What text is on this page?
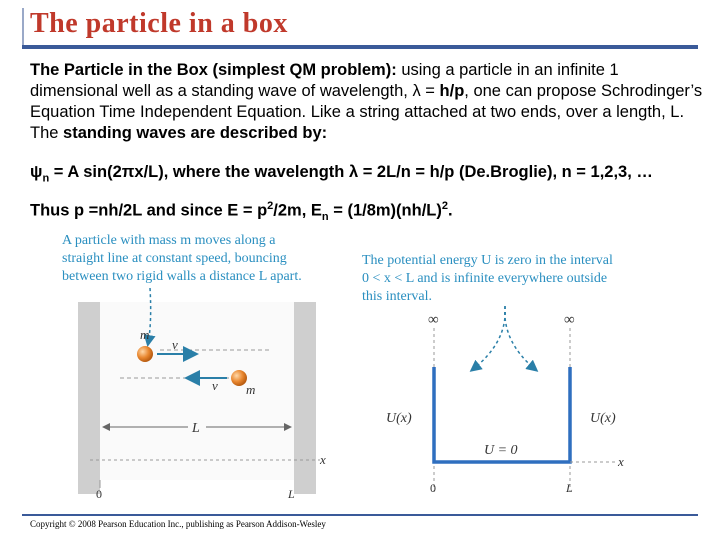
The particle in a box
The Particle in the Box (simplest QM problem): using a particle in an infinite 1 dimensional well as a standing wave of wavelength, λ = h/p, one can propose Schrodinger’s Equation Time Independent Equation. Like a string attached at two ends, over a length, L. The standing waves are described by:
$\psi_n = A$ sin(2πx/L), where the wavelength λ = 2L/n = h/p (De.Broglie), n = 1,2,3, …
Thus p =nh/2L and since $E = p^2/2m$, $E_n = (1/8m)(nh/L)^2$.
A particle with mass m moves along a
straight line at constant speed, bouncing
between two rigid walls a distance L apart.
v
m
v m
L
x
0	L
The potential energy U is zero in the interval
0 < x < L and is infinite everywhere outside
this interval.
∞	∞
U(x)	U(x)
U = 0
x
0	L
Copyright © 2008 Pearson Education Inc., publishing as Pearson Addison-Wesley
